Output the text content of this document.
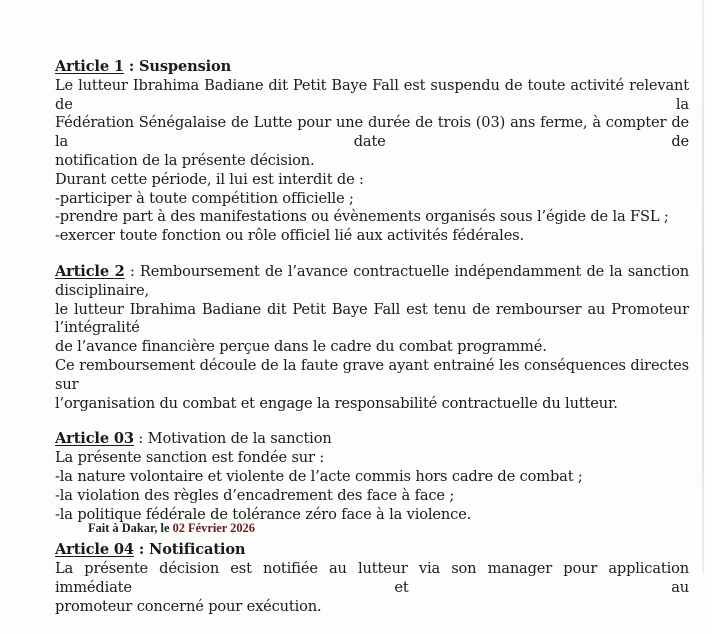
Article 1 : Suspension
Le lutteur Ibrahima Badiane dit Petit Baye Fall est suspendu de toute activité relevant de la
Fédération Sénégalaise de Lutte pour une durée de trois (03) ans ferme, à compter de la date de
notification de la présente décision.
Durant cette période, il lui est interdit de :
-participer à toute compétition officielle ;
-prendre part à des manifestations ou évènements organisés sous l’égide de la FSL ;
-exercer toute fonction ou rôle officiel lié aux activités fédérales.
Article 2 : Remboursement de l’avance contractuelle indépendamment de la sanction disciplinaire,
le lutteur Ibrahima Badiane dit Petit Baye Fall est tenu de rembourser au Promoteur l’intégralité
de l’avance financière perçue dans le cadre du combat programmé.
Ce remboursement découle de la faute grave ayant entrainé les conséquences directes sur
l’organisation du combat et engage la responsabilité contractuelle du lutteur.
Article 03 : Motivation de la sanction
La présente sanction est fondée sur :
-la nature volontaire et violente de l’acte commis hors cadre de combat ;
-la violation des règles d’encadrement des face à face ;
-la politique fédérale de tolérance zéro face à la violence.
Article 04 : Notification
La présente décision est notifiée au lutteur via son manager pour application immédiate et au
promoteur concerné pour exécution.
Fait à Dakar, le 02 Février 2026
